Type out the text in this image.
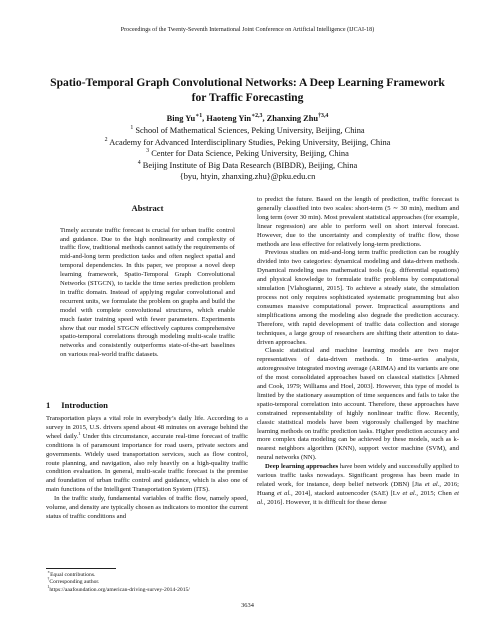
Proceedings of the Twenty-Seventh International Joint Conference on Artificial Intelligence (IJCAI-18)
Spatio-Temporal Graph Convolutional Networks: A Deep Learning Framework
for Traffic Forecasting
Bing $Yu^{∗1}$, Haoteng Yin$^{∗2,3}$, Zhanxing Zhu$^{\dagger 3,4}$
$^1$ School of Mathematical Sciences, Peking University, Beijing, China
$^2$ Academy for Advanced Interdisciplinary Studies, Peking University, Beijing, China
$^3$ Center for Data Science, Peking University, Beijing, China
$^4$ Beijing Institute of Big Data Research (BIBDR), Beijing, China
{byu, htyin, zhanxing.zhu}@pku.edu.cn
Abstract

Timely accurate traffic forecast is crucial for urban traffic control and guidance. Due to the high nonlinearity and complexity of traffic flow, traditional methods cannot satisfy the requirements of mid-and-long term prediction tasks and often neglect spatial and temporal dependencies. In this paper, we propose a novel deep learning framework, Spatio-Temporal Graph Convolutional Networks (STGCN), to tackle the time series prediction problem in traffic domain. Instead of applying regular convolutional and recurrent units, we formulate the problem on graphs and build the model with complete convolutional structures, which enable much faster training speed with fewer parameters. Experiments show that our model STGCN effectively captures comprehensive spatio-temporal correlations through modeling multi-scale traffic networks and consistently outperforms state-of-the-art baselines on various real-world traffic datasets.

1 Introduction

Transportation plays a vital role in everybody’s daily life. According to a survey in 2015, U.S. drivers spend about 48 minutes on average behind the wheel daily.$^1$ Under this circumstance, accurate real-time forecast of traffic conditions is of paramount importance for road users, private sectors and governments. Widely used transportation services, such as flow control, route planning, and navigation, also rely heavily on a high-quality traffic condition evaluation. In general, multi-scale traffic forecast is the premise and foundation of urban traffic control and guidance, which is also one of main functions of the Intelligent Transportation System (ITS).

In the traffic study, fundamental variables of traffic flow, namely speed, volume, and density are typically chosen as indicators to monitor the current status of traffic conditions and

∗Equal contributions.
†Corresponding author.
$^1$https://aaafoundation.org/american-driving-survey-2014-2015/

to predict the future. Based on the length of prediction, traffic forecast is generally classified into two scales: short-term (5 ∼ 30 min), medium and long term (over 30 min). Most prevalent statistical approaches (for example, linear regression) are able to perform well on short interval forecast. However, due to the uncertainty and complexity of traffic flow, those methods are less effective for relatively long-term predictions.

Previous studies on mid-and-long term traffic prediction can be roughly divided into two categories: dynamical modeling and data-driven methods. Dynamical modeling uses mathematical tools (e.g. differential equations) and physical knowledge to formulate traffic problems by computational simulation [Vlahogianni, 2015]. To achieve a steady state, the simulation process not only requires sophisticated systematic programming but also consumes massive computational power. Impractical assumptions and simplifications among the modeling also degrade the prediction accuracy. Therefore, with rapid development of traffic data collection and storage techniques, a large group of researchers are shifting their attention to data-driven approaches.

Classic statistical and machine learning models are two major representatives of data-driven methods. In time-series analysis, autoregressive integrated moving average (ARIMA) and its variants are one of the most consolidated approaches based on classical statistics [Ahmed and Cook, 1979; Williams and Hoel, 2003]. However, this type of model is limited by the stationary assumption of time sequences and fails to take the spatio-temporal correlation into account. Therefore, these approaches have constrained representability of highly nonlinear traffic flow. Recently, classic statistical models have been vigorously challenged by machine learning methods on traffic prediction tasks. Higher prediction accuracy and more complex data modeling can be achieved by these models, such as k-nearest neighbors algorithm (KNN), support vector machine (SVM), and neural networks (NN).

Deep learning approaches have been widely and successfully applied to various traffic tasks nowadays. Significant progress has been made in related work, for instance, deep belief network (DBN) [Jia et al., 2016; Huang et al., 2014], stacked autoencoder (SAE) [Lv et al., 2015; Chen et al., 2016]. However, it is difficult for these dense

3634
